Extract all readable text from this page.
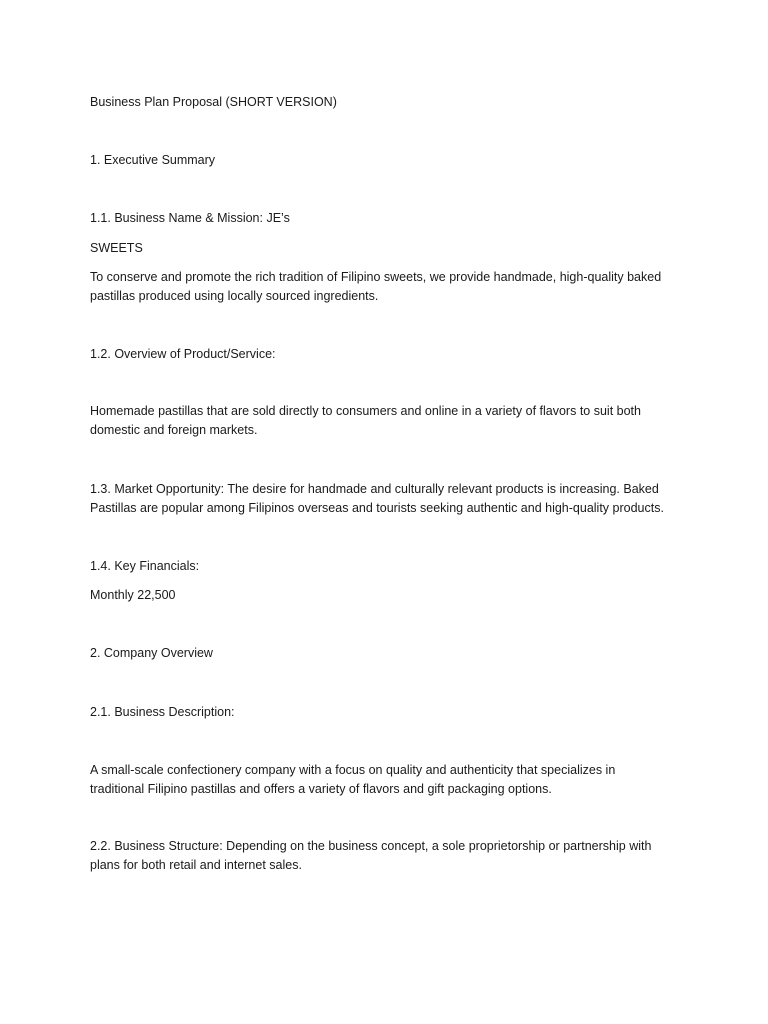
Business Plan Proposal (SHORT VERSION)
1. Executive Summary
1.1. Business Name & Mission: JE’s
SWEETS
To conserve and promote the rich tradition of Filipino sweets, we provide handmade, high-quality baked pastillas produced using locally sourced ingredients.
1.2. Overview of Product/Service:
Homemade pastillas that are sold directly to consumers and online in a variety of flavors to suit both domestic and foreign markets.
1.3. Market Opportunity: The desire for handmade and culturally relevant products is increasing. Baked Pastillas are popular among Filipinos overseas and tourists seeking authentic and high-quality products.
1.4. Key Financials:
Monthly 22,500
2. Company Overview
2.1. Business Description:
A small-scale confectionery company with a focus on quality and authenticity that specializes in traditional Filipino pastillas and offers a variety of flavors and gift packaging options.
2.2. Business Structure: Depending on the business concept, a sole proprietorship or partnership with plans for both retail and internet sales.
